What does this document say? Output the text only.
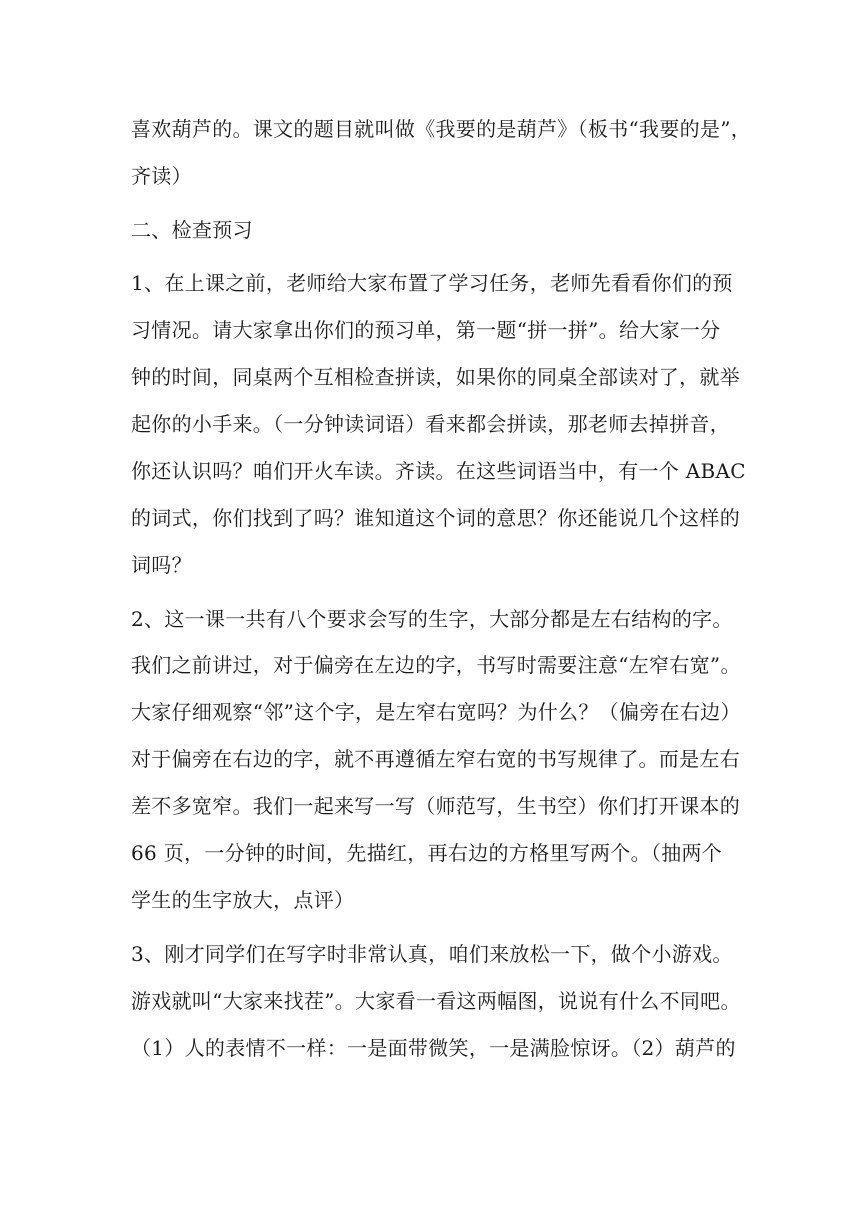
喜欢葫芦的。课文的题目就叫做《我要的是葫芦》（板书“我要的是”，
齐读）
二、检查预习
1、在上课之前，老师给大家布置了学习任务，老师先看看你们的预
习情况。请大家拿出你们的预习单，第一题“拼一拼”。给大家一分
钟的时间，同桌两个互相检查拼读，如果你的同桌全部读对了，就举
起你的小手来。（一分钟读词语）看来都会拼读，那老师去掉拼音，
你还认识吗？咱们开火车读。齐读。在这些词语当中，有一个 ABAC
的词式，你们找到了吗？谁知道这个词的意思？你还能说几个这样的
词吗？
2、这一课一共有八个要求会写的生字，大部分都是左右结构的字。
我们之前讲过，对于偏旁在左边的字，书写时需要注意“左窄右宽”。
大家仔细观察“邻”这个字，是左窄右宽吗？为什么？（偏旁在右边）
对于偏旁在右边的字，就不再遵循左窄右宽的书写规律了。而是左右
差不多宽窄。我们一起来写一写（师范写，生书空）你们打开课本的
66 页，一分钟的时间，先描红，再右边的方格里写两个。（抽两个
学生的生字放大，点评）
3、刚才同学们在写字时非常认真，咱们来放松一下，做个小游戏。
游戏就叫“大家来找茬”。大家看一看这两幅图，说说有什么不同吧。
（1）人的表情不一样：一是面带微笑，一是满脸惊讶。（2）葫芦的
